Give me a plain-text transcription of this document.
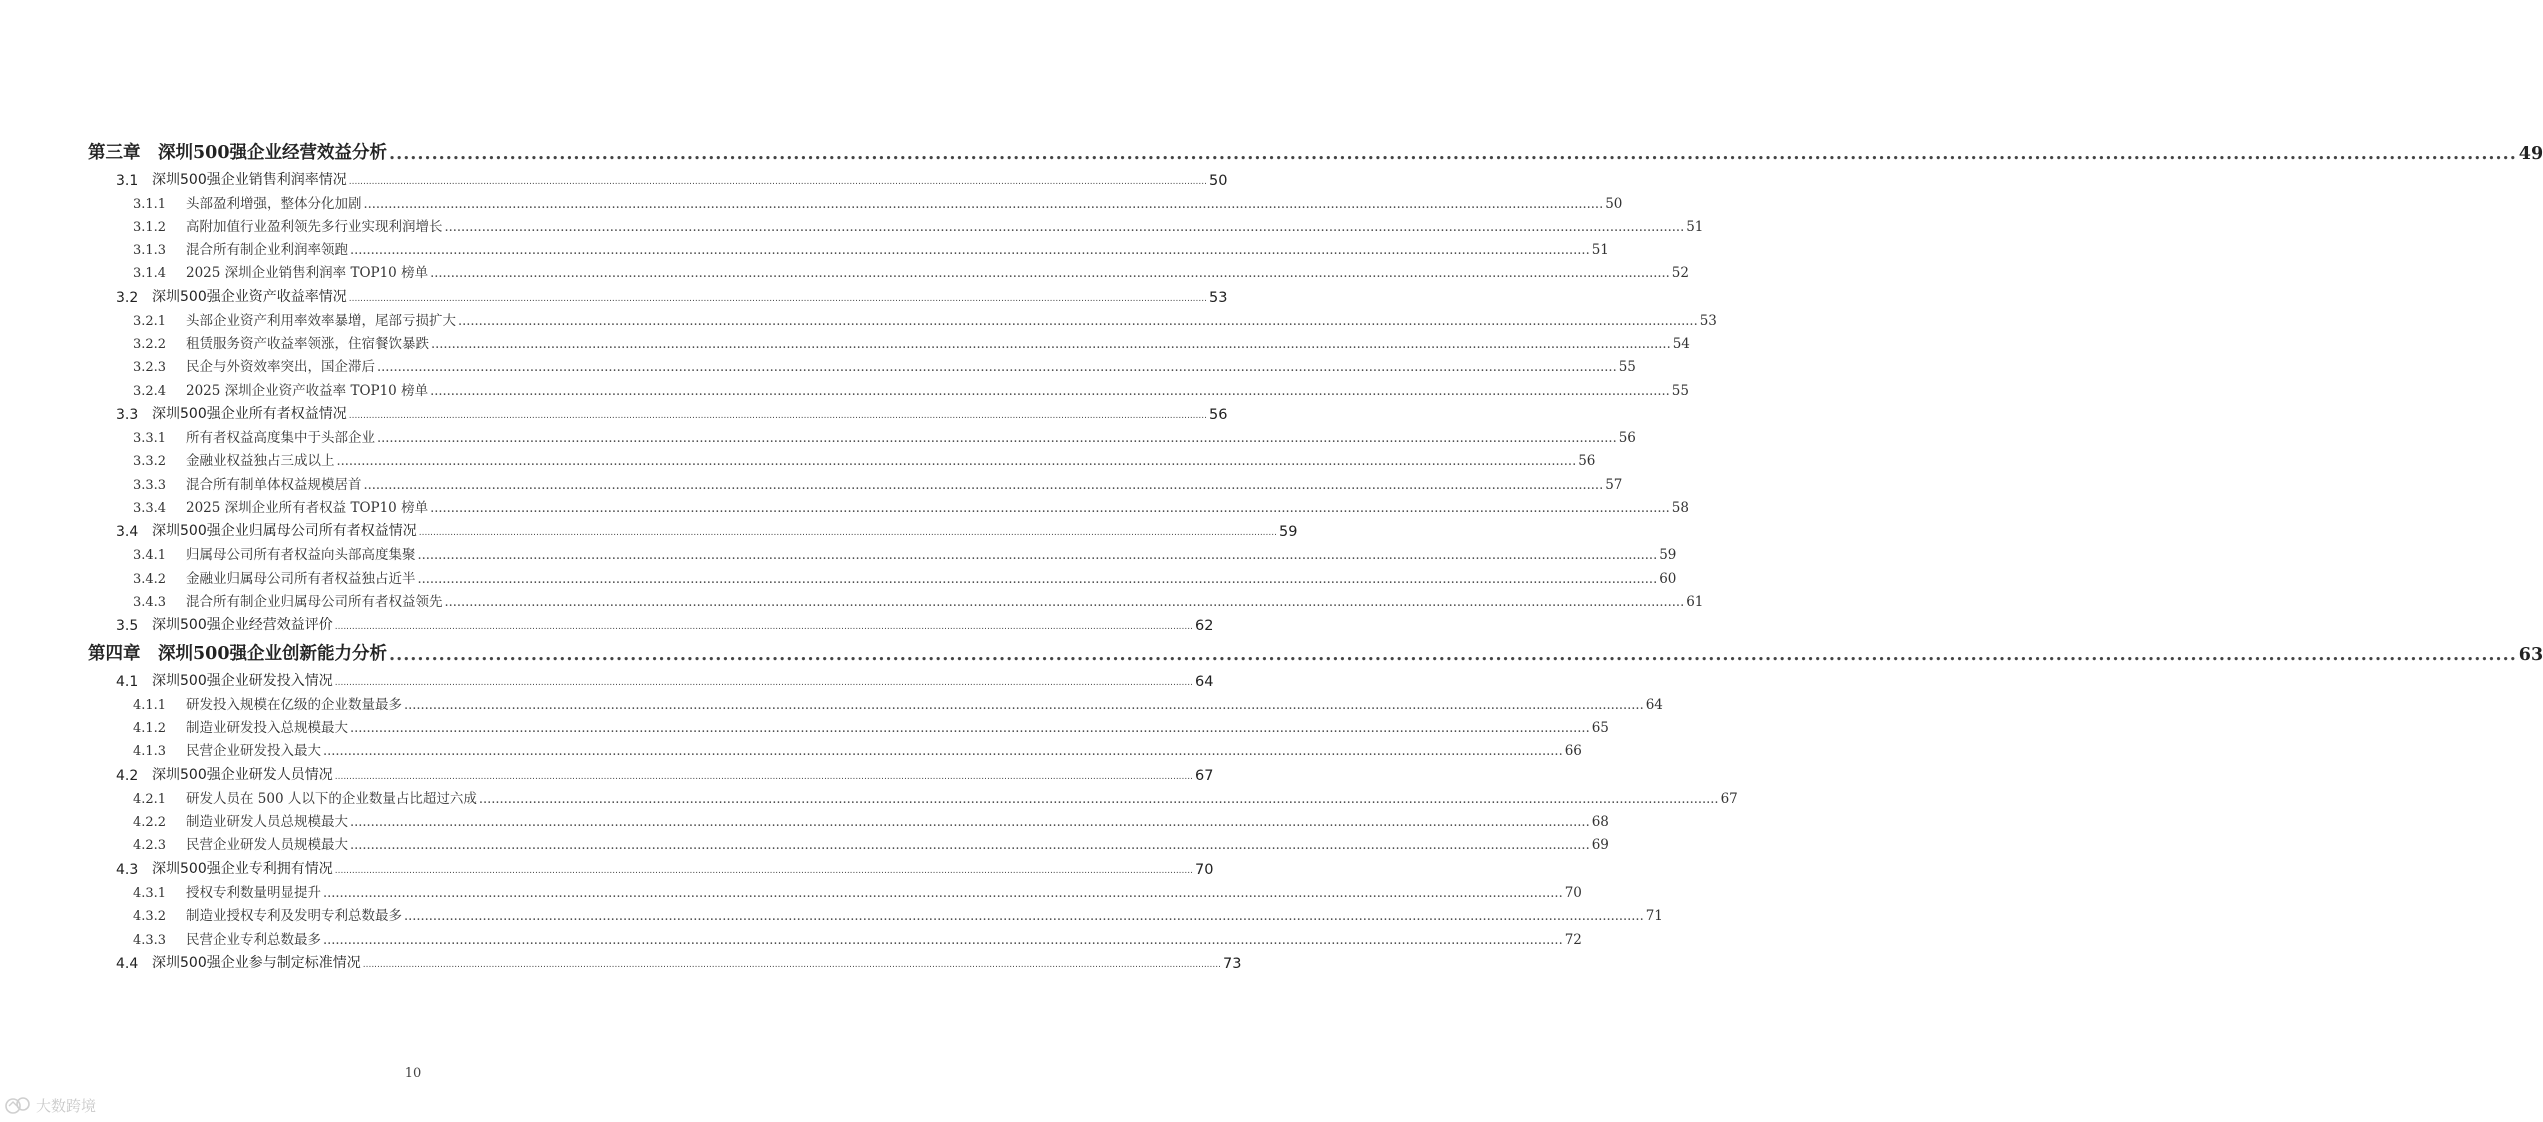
第三章	深圳500强企业经营效益分析 ............................................................................................................................................................................................................................................................................................................ 49
3.1 深圳500强企业销售利润率情况 ............................................................................................................................................................................................................................................................................................................ 50
3.1.1	头部盈利增强，整体分化加剧 ............................................................................................................................................................................................................................................................................................................ 50
3.1.2	高附加值行业盈利领先多行业实现利润增长 ............................................................................................................................................................................................................................................................................................................ 51
3.1.3	混合所有制企业利润率领跑 ............................................................................................................................................................................................................................................................................................................ 51
3.1.4	2025 深圳企业销售利润率 TOP10 榜单 ............................................................................................................................................................................................................................................................................................................ 52
3.2 深圳500强企业资产收益率情况 ............................................................................................................................................................................................................................................................................................................ 53
3.2.1	头部企业资产利用率效率暴增，尾部亏损扩大 ............................................................................................................................................................................................................................................................................................................ 53
3.2.2	租赁服务资产收益率领涨，住宿餐饮暴跌 ............................................................................................................................................................................................................................................................................................................ 54
3.2.3	民企与外资效率突出，国企滞后 ............................................................................................................................................................................................................................................................................................................ 55
3.2.4	2025 深圳企业资产收益率 TOP10 榜单 ............................................................................................................................................................................................................................................................................................................ 55
3.3 深圳500强企业所有者权益情况 ............................................................................................................................................................................................................................................................................................................ 56
3.3.1	所有者权益高度集中于头部企业 ............................................................................................................................................................................................................................................................................................................ 56
3.3.2	金融业权益独占三成以上 ............................................................................................................................................................................................................................................................................................................ 56
3.3.3	混合所有制单体权益规模居首 ............................................................................................................................................................................................................................................................................................................ 57
3.3.4	2025 深圳企业所有者权益 TOP10 榜单 ............................................................................................................................................................................................................................................................................................................ 58
3.4 深圳500强企业归属母公司所有者权益情况 ............................................................................................................................................................................................................................................................................................................ 59
3.4.1	归属母公司所有者权益向头部高度集聚 ............................................................................................................................................................................................................................................................................................................ 59
3.4.2	金融业归属母公司所有者权益独占近半 ............................................................................................................................................................................................................................................................................................................ 60
3.4.3	混合所有制企业归属母公司所有者权益领先 ............................................................................................................................................................................................................................................................................................................ 61
3.5 深圳500强企业经营效益评价 ............................................................................................................................................................................................................................................................................................................ 62
第四章	深圳500强企业创新能力分析 ............................................................................................................................................................................................................................................................................................................ 63
4.1 深圳500强企业研发投入情况 ............................................................................................................................................................................................................................................................................................................ 64
4.1.1	研发投入规模在亿级的企业数量最多 ............................................................................................................................................................................................................................................................................................................ 64
4.1.2	制造业研发投入总规模最大 ............................................................................................................................................................................................................................................................................................................ 65
4.1.3	民营企业研发投入最大 ............................................................................................................................................................................................................................................................................................................ 66
4.2 深圳500强企业研发人员情况 ............................................................................................................................................................................................................................................................................................................ 67
4.2.1	研发人员在 500 人以下的企业数量占比超过六成 ............................................................................................................................................................................................................................................................................................................ 67
4.2.2	制造业研发人员总规模最大 ............................................................................................................................................................................................................................................................................................................ 68
4.2.3	民营企业研发人员规模最大 ............................................................................................................................................................................................................................................................................................................ 69
4.3 深圳500强企业专利拥有情况 ............................................................................................................................................................................................................................................................................................................ 70
4.3.1	授权专利数量明显提升 ............................................................................................................................................................................................................................................................................................................ 70
4.3.2	制造业授权专利及发明专利总数最多 ............................................................................................................................................................................................................................................................................................................ 71
4.3.3	民营企业专利总数最多 ............................................................................................................................................................................................................................................................................................................ 72
4.4 深圳500强企业参与制定标准情况 ............................................................................................................................................................................................................................................................................................................ 73
10
大数跨境
